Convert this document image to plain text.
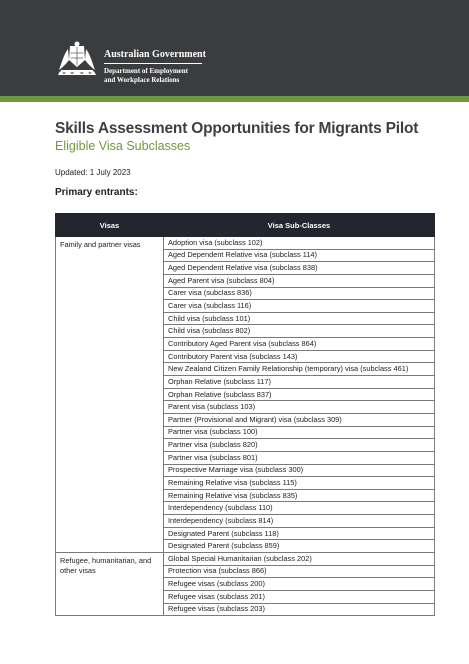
Australian Government
Department of Employment
and Workplace Relations
Skills Assessment Opportunities for Migrants Pilot
Eligible Visa Subclasses
Updated: 1 July 2023
Primary entrants:
Visas	Visa Sub-Classes
Family and partner visas	Adoption visa (subclass 102)
	Aged Dependent Relative visa (subclass 114)
	Aged Dependent Relative visa (subclass 838)
	Aged Parent visa (subclass 804)
	Carer visa (subclass 836)
	Carer visa (subclass 116)
	Child visa (subclass 101)
	Child visa (subclass 802)
	Contributory Aged Parent visa (subclass 864)
	Contributory Parent visa (subclass 143)
	New Zealand Citizen Family Relationship (temporary) visa (subclass 461)
	Orphan Relative (subclass 117)
	Orphan Relative (subclass 837)
	Parent visa (subclass 103)
	Partner (Provisional and Migrant) visa (subclass 309)
	Partner visa (subclass 100)
	Partner visa (subclass 820)
	Partner visa (subclass 801)
	Prospective Marriage visa (subclass 300)
	Remaining Relative visa (subclass 115)
	Remaining Relative visa (subclass 835)
	Interdependency (subclass 110)
	Interdependency (subclass 814)
	Designated Parent (subclass 118)
	Designated Parent (subclass 859)
Refugee, humanitarian, and other visas	Global Special Humanitarian (subclass 202)
	Protection visa (subclass 866)
	Refugee visas (subclass 200)
	Refugee visas (subclass 201)
	Refugee visas (subclass 203)
